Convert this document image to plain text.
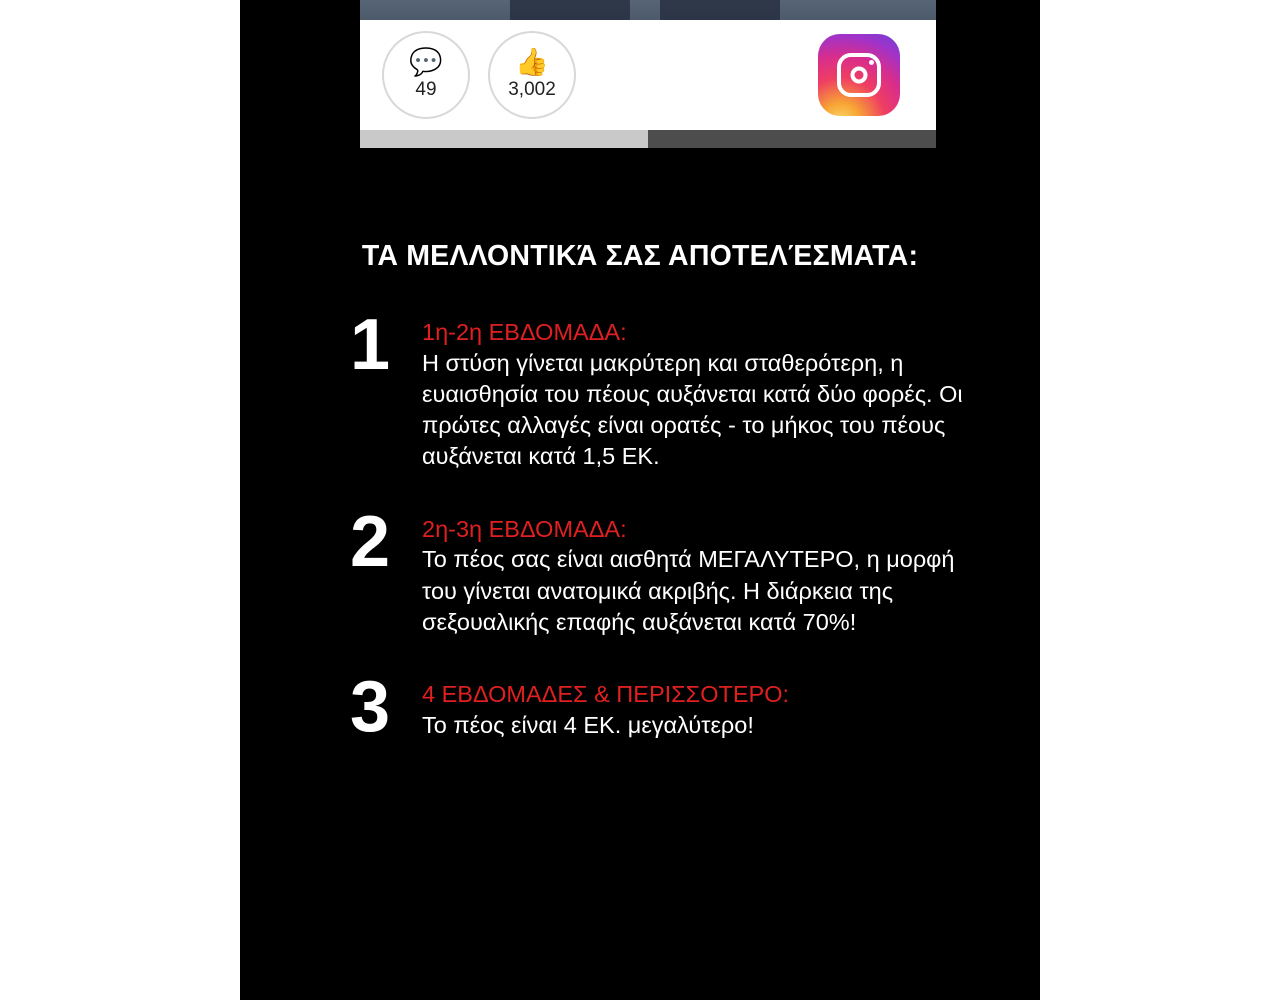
💬
49
👍
3,002
ΤΑ ΜΕΛΛΟΝΤΙΚΆ ΣΑΣ ΑΠΟΤΕΛΈΣΜΑΤΑ:
1	1η-2η ΕΒΔΟΜΑΔΑ:
Η στύση γίνεται μακρύτερη και σταθερότερη, η ευαισθησία του πέους αυξάνεται κατά δύο φορές. Οι πρώτες αλλαγές είναι ορατές - το μήκος του πέους αυξάνεται κατά 1,5 ΕΚ.
2	2η-3η ΕΒΔΟΜΑΔΑ:
Το πέος σας είναι αισθητά ΜΕΓΑΛΥΤΕΡΟ, η μορφή του γίνεται ανατομικά ακριβής. Η διάρκεια της σεξουαλικής επαφής αυξάνεται κατά 70%!
3	4 ΕΒΔΟΜΑΔΕΣ & ΠΕΡΙΣΣΟΤΕΡΟ:
Το πέος είναι 4 ΕΚ. μεγαλύτερο!
